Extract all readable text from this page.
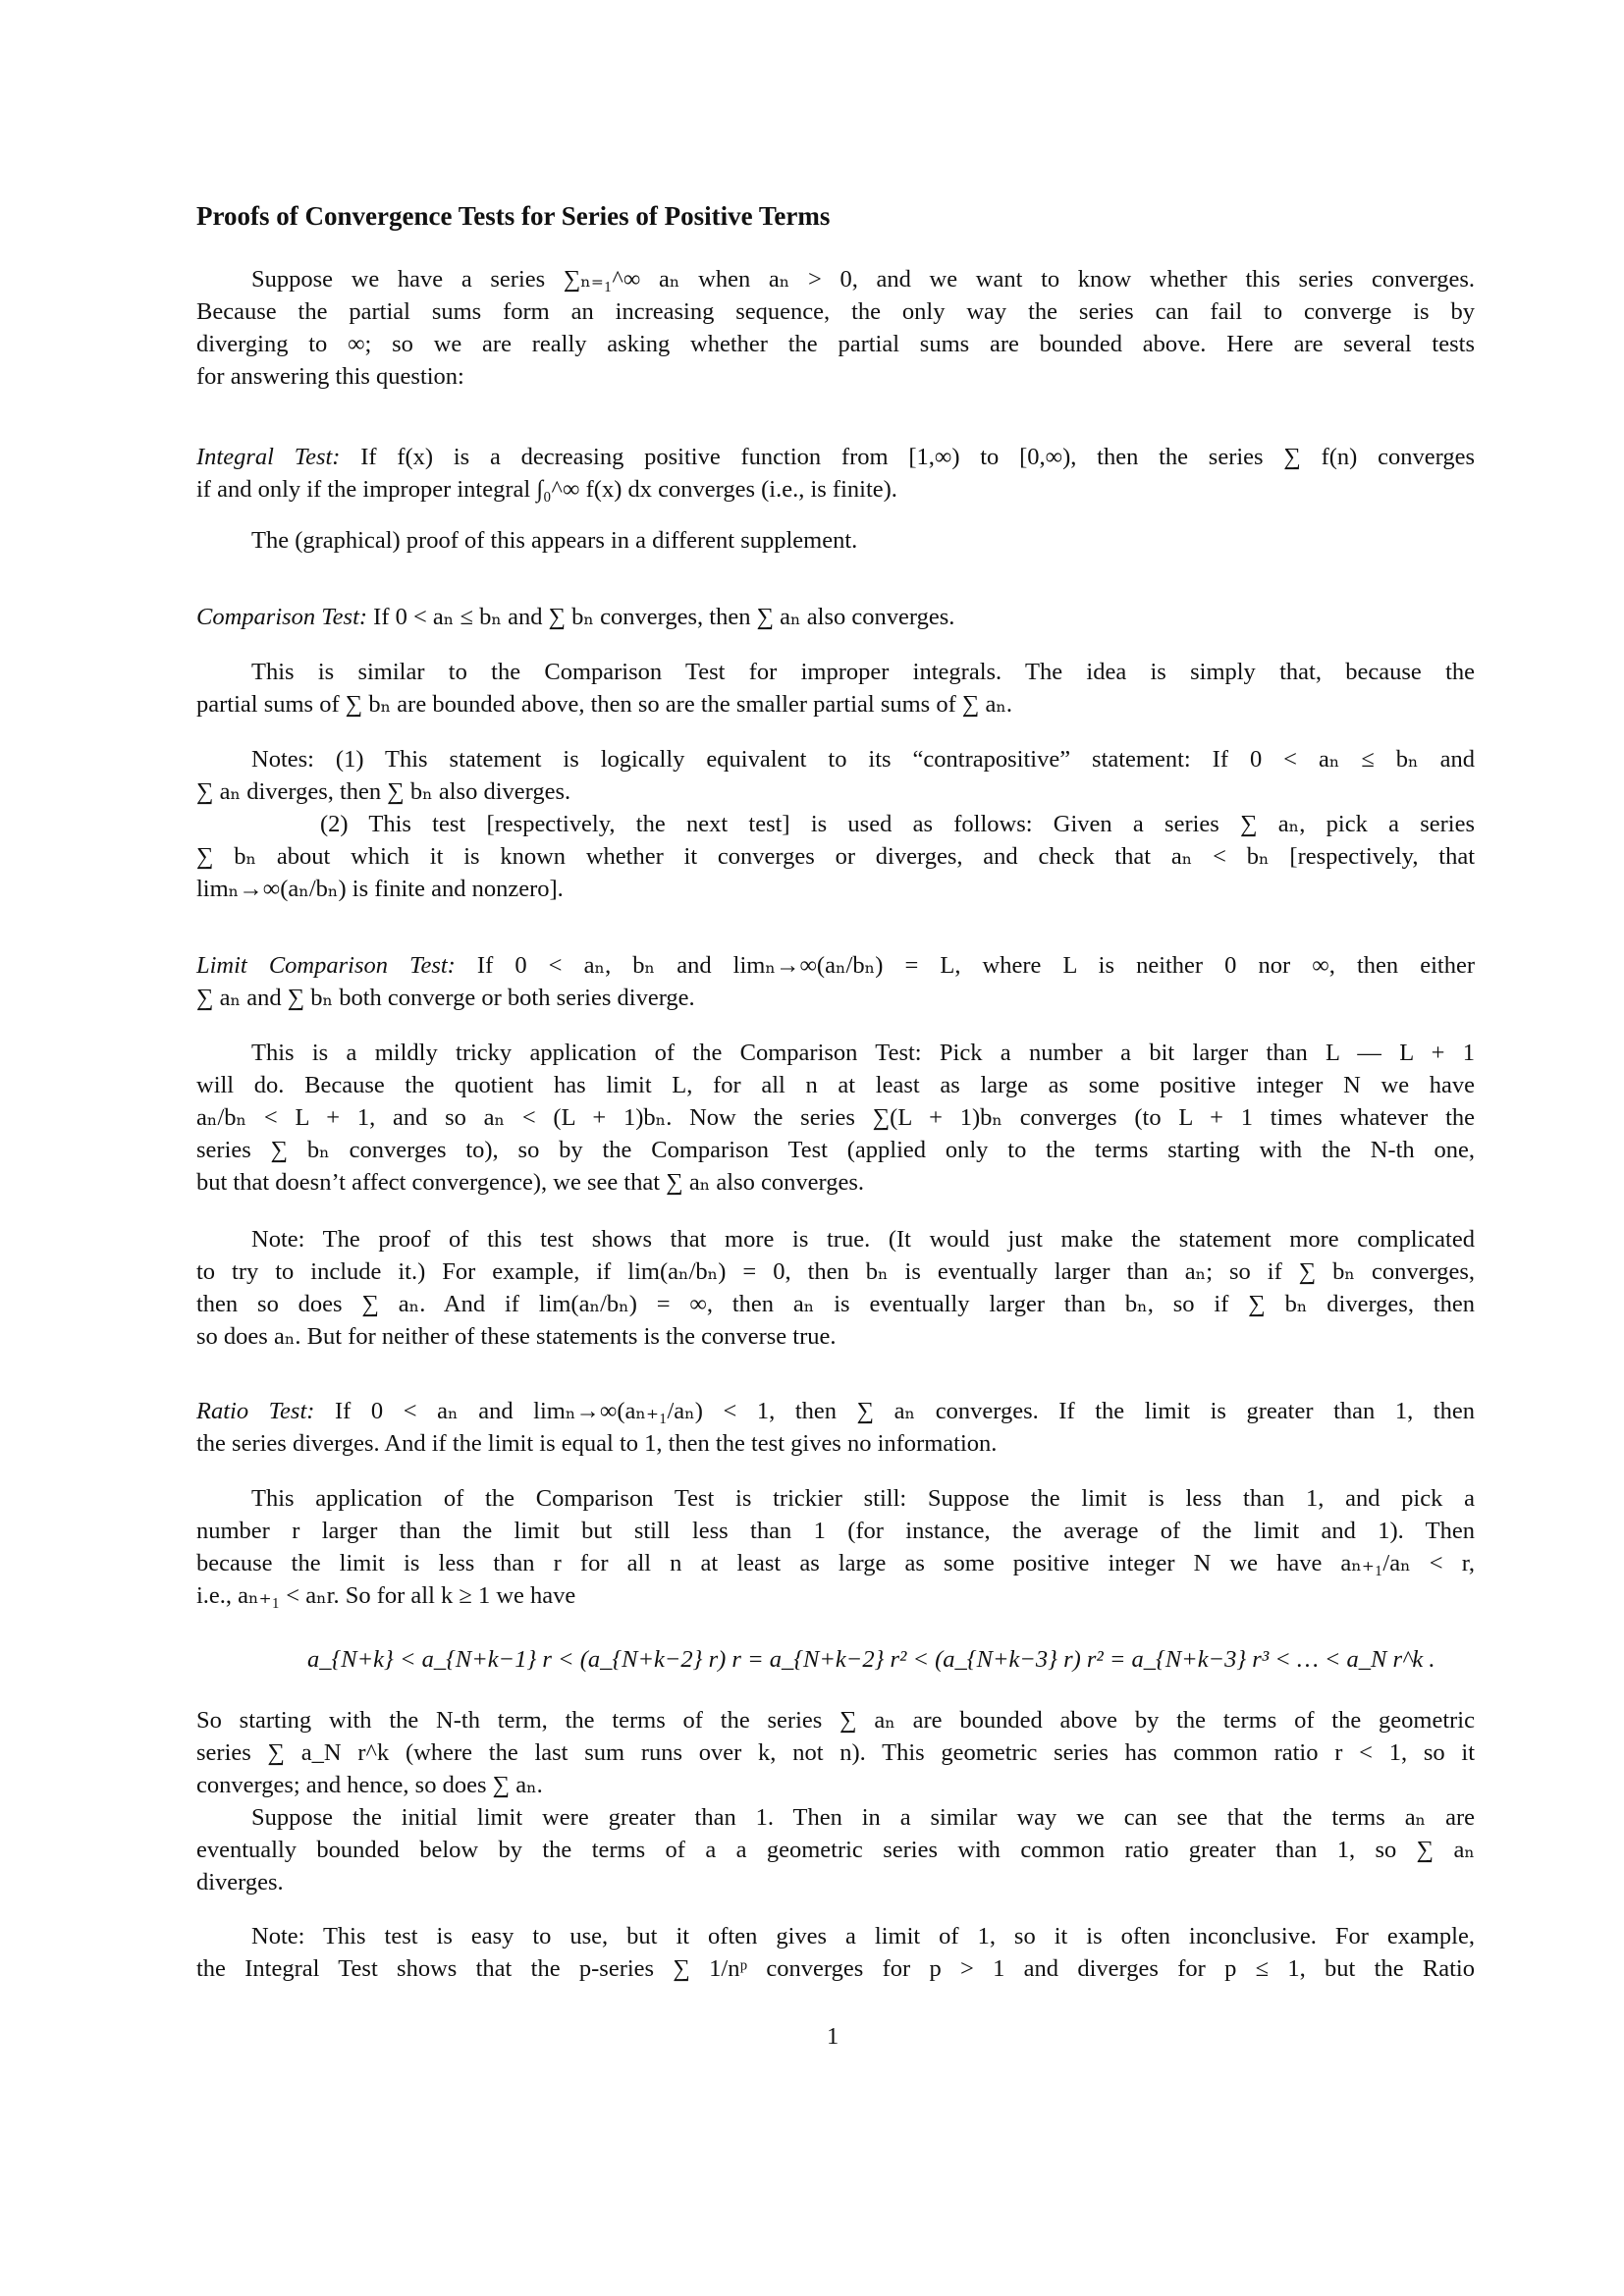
Proofs of Convergence Tests for Series of Positive Terms
Suppose we have a series ∑ₙ₌₁^∞ aₙ when aₙ > 0, and we want to know whether this series converges.
Because the partial sums form an increasing sequence, the only way the series can fail to converge is by
diverging to ∞; so we are really asking whether the partial sums are bounded above. Here are several tests
for answering this question:
Integral Test: If f(x) is a decreasing positive function from [1,∞) to [0,∞), then the series ∑ f(n) converges
if and only if the improper integral ∫₀^∞ f(x) dx converges (i.e., is finite).
The (graphical) proof of this appears in a different supplement.
Comparison Test: If 0 < aₙ ≤ bₙ and ∑ bₙ converges, then ∑ aₙ also converges.
This is similar to the Comparison Test for improper integrals. The idea is simply that, because the
partial sums of ∑ bₙ are bounded above, then so are the smaller partial sums of ∑ aₙ.
Notes: (1) This statement is logically equivalent to its “contrapositive” statement: If 0 < aₙ ≤ bₙ and
∑ aₙ diverges, then ∑ bₙ also diverges.
(2) This test [respectively, the next test] is used as follows: Given a series ∑ aₙ, pick a series
∑ bₙ about which it is known whether it converges or diverges, and check that aₙ < bₙ [respectively, that
limₙ→∞(aₙ/bₙ) is finite and nonzero].
Limit Comparison Test: If 0 < aₙ, bₙ and limₙ→∞(aₙ/bₙ) = L, where L is neither 0 nor ∞, then either
∑ aₙ and ∑ bₙ both converge or both series diverge.
This is a mildly tricky application of the Comparison Test: Pick a number a bit larger than L — L + 1
will do. Because the quotient has limit L, for all n at least as large as some positive integer N we have
aₙ/bₙ < L + 1, and so aₙ < (L + 1)bₙ. Now the series ∑(L + 1)bₙ converges (to L + 1 times whatever the
series ∑ bₙ converges to), so by the Comparison Test (applied only to the terms starting with the N-th one,
but that doesn’t affect convergence), we see that ∑ aₙ also converges.
Note: The proof of this test shows that more is true. (It would just make the statement more complicated
to try to include it.) For example, if lim(aₙ/bₙ) = 0, then bₙ is eventually larger than aₙ; so if ∑ bₙ converges,
then so does ∑ aₙ. And if lim(aₙ/bₙ) = ∞, then aₙ is eventually larger than bₙ, so if ∑ bₙ diverges, then
so does aₙ. But for neither of these statements is the converse true.
Ratio Test: If 0 < aₙ and limₙ→∞(aₙ₊₁/aₙ) < 1, then ∑ aₙ converges. If the limit is greater than 1, then
the series diverges. And if the limit is equal to 1, then the test gives no information.
This application of the Comparison Test is trickier still: Suppose the limit is less than 1, and pick a
number r larger than the limit but still less than 1 (for instance, the average of the limit and 1). Then
because the limit is less than r for all n at least as large as some positive integer N we have aₙ₊₁/aₙ < r,
i.e., aₙ₊₁ < aₙr. So for all k ≥ 1 we have
a_{N+k} < a_{N+k−1} r < (a_{N+k−2} r) r = a_{N+k−2} r² < (a_{N+k−3} r) r² = a_{N+k−3} r³ < … < a_N r^k .
So starting with the N-th term, the terms of the series ∑ aₙ are bounded above by the terms of the geometric
series ∑ a_N r^k (where the last sum runs over k, not n). This geometric series has common ratio r < 1, so it
converges; and hence, so does ∑ aₙ.
Suppose the initial limit were greater than 1. Then in a similar way we can see that the terms aₙ are
eventually bounded below by the terms of a a geometric series with common ratio greater than 1, so ∑ aₙ
diverges.
Note: This test is easy to use, but it often gives a limit of 1, so it is often inconclusive. For example,
the Integral Test shows that the p-series ∑ 1/nᵖ converges for p > 1 and diverges for p ≤ 1, but the Ratio
1
